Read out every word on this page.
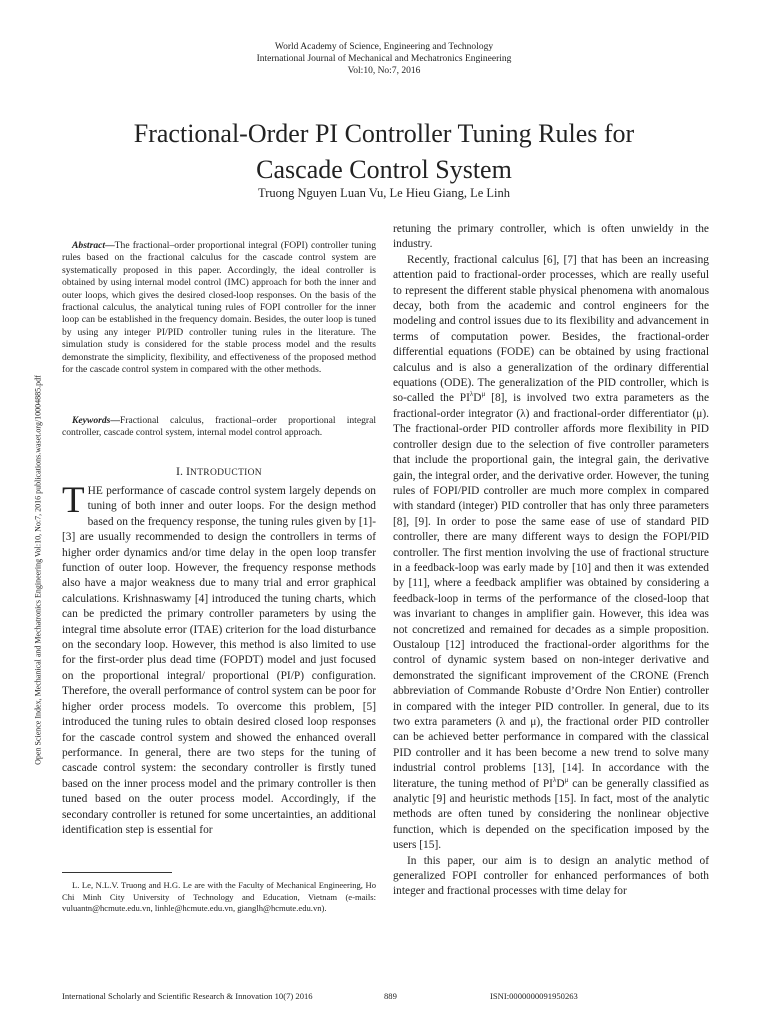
World Academy of Science, Engineering and Technology
International Journal of Mechanical and Mechatronics Engineering
Vol:10, No:7, 2016
Fractional-Order PI Controller Tuning Rules for
Cascade Control System
Truong Nguyen Luan Vu, Le Hieu Giang, Le Linh
Open Science Index, Mechanical and Mechatronics Engineering Vol:10, No:7, 2016 publications.waset.org/10004885.pdf

Abstract—The fractional–order proportional integral (FOPI) controller tuning rules based on the fractional calculus for the cascade control system are systematically proposed in this paper. Accordingly, the ideal controller is obtained by using internal model control (IMC) approach for both the inner and outer loops, which gives the desired closed-loop responses. On the basis of the fractional calculus, the analytical tuning rules of FOPI controller for the inner loop can be established in the frequency domain. Besides, the outer loop is tuned by using any integer PI/PID controller tuning rules in the literature. The simulation study is considered for the stable process model and the results demonstrate the simplicity, flexibility, and effectiveness of the proposed method for the cascade control system in compared with the other methods.

Keywords—Fractional calculus, fractional–order proportional integral controller, cascade control system, internal model control approach.

I. INTRODUCTION

THE performance of cascade control system largely depends on tuning of both inner and outer loops. For the design method based on the frequency response, the tuning rules given by [1]-[3] are usually recommended to design the controllers in terms of higher order dynamics and/or time delay in the open loop transfer function of outer loop. However, the frequency response methods also have a major weakness due to many trial and error graphical calculations. Krishnaswamy [4] introduced the tuning charts, which can be predicted the primary controller parameters by using the integral time absolute error (ITAE) criterion for the load disturbance on the secondary loop. However, this method is also limited to use for the first-order plus dead time (FOPDT) model and just focused on the proportional integral/ proportional (PI/P) configuration. Therefore, the overall performance of control system can be poor for higher order process models. To overcome this problem, [5] introduced the tuning rules to obtain desired closed loop responses for the cascade control system and showed the enhanced overall performance. In general, there are two steps for the tuning of cascade control system: the secondary controller is firstly tuned based on the inner process model and the primary controller is then tuned based on the outer process model. Accordingly, if the secondary controller is retuned for some uncertainties, an additional identification step is essential for

L. Le, N.L.V. Truong and H.G. Le are with the Faculty of Mechanical Engineering, Ho Chi Minh City University of Technology and Education, Vietnam (e-mails: vuluantn@hcmute.edu.vn, linhle@hcmute.edu.vn, gianglh@hcmute.edu.vn).

retuning the primary controller, which is often unwieldy in the industry.

Recently, fractional calculus [6], [7] that has been an increasing attention paid to fractional-order processes, which are really useful to represent the different stable physical phenomena with anomalous decay, both from the academic and control engineers for the modeling and control issues due to its flexibility and advancement in terms of computation power. Besides, the fractional-order differential equations (FODE) can be obtained by using fractional calculus and is also a generalization of the ordinary differential equations (ODE). The generalization of the PID controller, which is so-called the $PI^\lambda D^\mu$ [8], is involved two extra parameters as the fractional-order integrator (λ) and fractional-order differentiator (μ). The fractional-order PID controller affords more flexibility in PID controller design due to the selection of five controller parameters that include the proportional gain, the integral gain, the derivative gain, the integral order, and the derivative order. However, the tuning rules of FOPI/PID controller are much more complex in compared with standard (integer) PID controller that has only three parameters [8], [9]. In order to pose the same ease of use of standard PID controller, there are many different ways to design the FOPI/PID controller. The first mention involving the use of fractional structure in a feedback-loop was early made by [10] and then it was extended by [11], where a feedback amplifier was obtained by considering a feedback-loop in terms of the performance of the closed-loop that was invariant to changes in amplifier gain. However, this idea was not concretized and remained for decades as a simple proposition. Oustaloup [12] introduced the fractional-order algorithms for the control of dynamic system based on non-integer derivative and demonstrated the significant improvement of the CRONE (French abbreviation of Commande Robuste d’Ordre Non Entier) controller in compared with the integer PID controller. In general, due to its two extra parameters (λ and μ), the fractional order PID controller can be achieved better performance in compared with the classical PID controller and it has been become a new trend to solve many industrial control problems [13], [14]. In accordance with the literature, the tuning method of $PI^\lambda D^\mu$ can be generally classified as analytic [9] and heuristic methods [15]. In fact, most of the analytic methods are often tuned by considering the nonlinear objective function, which is depended on the specification imposed by the users [15].

In this paper, our aim is to design an analytic method of generalized FOPI controller for enhanced performances of both integer and fractional processes with time delay for

International Scholarly and Scientific Research & Innovation 10(7) 2016	889	ISNI:0000000091950263
